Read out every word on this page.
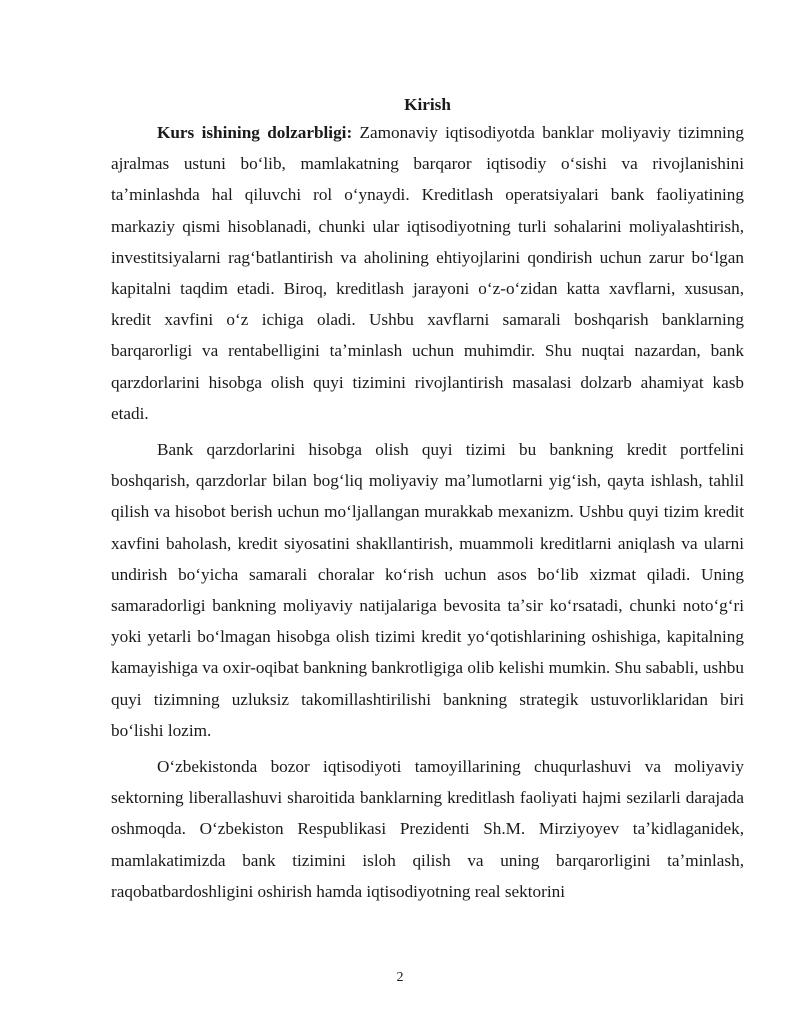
Kirish

Kurs ishining dolzarbligi: Zamonaviy iqtisodiyotda banklar moliyaviy tizimning ajralmas ustuni boʻlib, mamlakatning barqaror iqtisodiy oʻsishi va rivojlanishini taʼminlashda hal qiluvchi rol oʻynaydi. Kreditlash operatsiyalari bank faoliyatining markaziy qismi hisoblanadi, chunki ular iqtisodiyotning turli sohalarini moliyalashtirish, investitsiyalarni ragʻbatlantirish va aholining ehtiyojlarini qondirish uchun zarur boʻlgan kapitalni taqdim etadi. Biroq, kreditlash jarayoni oʻz-oʻzidan katta xavflarni, xususan, kredit xavfini oʻz ichiga oladi. Ushbu xavflarni samarali boshqarish banklarning barqarorligi va rentabelligini taʼminlash uchun muhimdir. Shu nuqtai nazardan, bank qarzdorlarini hisobga olish quyi tizimini rivojlantirish masalasi dolzarb ahamiyat kasb etadi.

Bank qarzdorlarini hisobga olish quyi tizimi bu bankning kredit portfelini boshqarish, qarzdorlar bilan bogʻliq moliyaviy maʼlumotlarni yigʻish, qayta ishlash, tahlil qilish va hisobot berish uchun moʻljallangan murakkab mexanizm. Ushbu quyi tizim kredit xavfini baholash, kredit siyosatini shakllantirish, muammoli kreditlarni aniqlash va ularni undirish boʻyicha samarali choralar koʻrish uchun asos boʻlib xizmat qiladi. Uning samaradorligi bankning moliyaviy natijalariga bevosita taʼsir koʻrsatadi, chunki notoʻgʻri yoki yetarli boʻlmagan hisobga olish tizimi kredit yoʻqotishlarining oshishiga, kapitalning kamayishiga va oxir-oqibat bankning bankrotligiga olib kelishi mumkin. Shu sababli, ushbu quyi tizimning uzluksiz takomillashtirilishi bankning strategik ustuvorliklaridan biri boʻlishi lozim.

Oʻzbekistonda bozor iqtisodiyoti tamoyillarining chuqurlashuvi va moliyaviy sektorning liberallashuvi sharoitida banklarning kreditlash faoliyati hajmi sezilarli darajada oshmoqda. Oʻzbekiston Respublikasi Prezidenti Sh.M. Mirziyoyev taʼkidlaganidek, mamlakatimizda bank tizimini isloh qilish va uning barqarorligini taʼminlash, raqobatbardoshligini oshirish hamda iqtisodiyotning real sektorini

2
